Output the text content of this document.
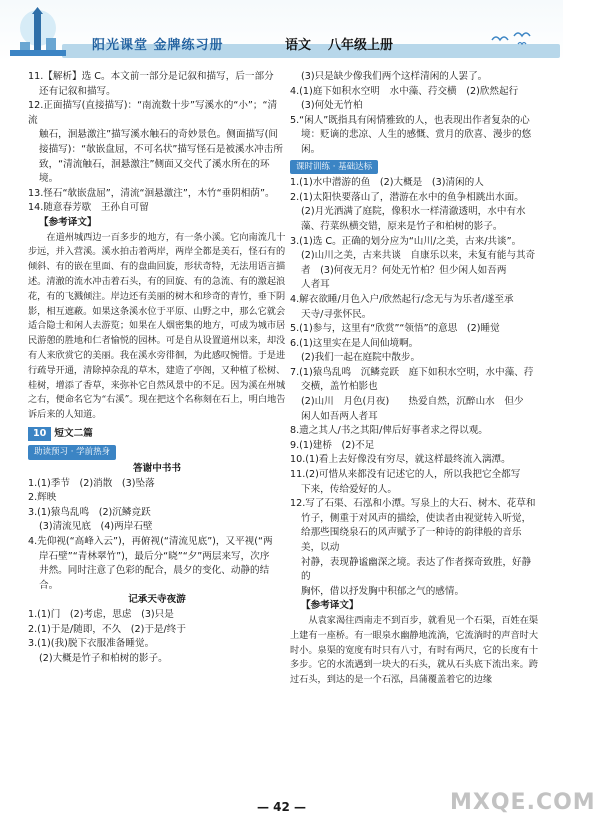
阳光课堂 金牌练习册	语文 八年级上册

11.【解析】选 C。本文前一部分是记叙和描写，后一部分

还有记叙和描写。

12.正面描写(直接描写)：“南流数十步”写溪水的“小”；“清流

触石，洄悬激注”描写溪水触石的奇妙景色。侧面描写(间

接描写)：“欹嵌盘屈，不可名状”描写怪石是被溪水冲击所

致，“清流触石，洄悬激注”侧面又交代了溪水所在的环境。

13.怪石“欹嵌盘屈”，清流“洄悬激注”，木竹“垂阴相荫”。

14.随意春芳歇　王孙自可留

【参考译文】

在道州城西边一百多步的地方，有一条小溪。它向南流几十步远，并入营溪。溪水拍击着两岸，两岸全都是美石，怪石有的倾斜、有的嵌在里面、有的盘曲回旋，形状奇特，无法用语言描述。清澈的流水冲击着石头，有的回旋、有的急流、有的激起浪花，有的飞溅倾注。岸边还有美丽的树木和珍奇的青竹，垂下阴影，相互遮蔽。如果这条溪水位于平原、山野之中，那么它就会适合隐士和闲人去游览；如果在人烟密集的地方，可成为城市居民游憩的胜地和仁者愉悦的园林。可是自从设置道州以来，却没有人来欣赏它的美丽。我在溪水旁徘徊，为此感叹惋惜。于是进行疏导开通，清除掉杂乱的草木，建造了亭阁，又种植了松树、桂树，增添了香草，来弥补它自然风景中的不足。因为溪在州城之右，便命名它为“右溪”。现在把这个名称刻在石上，明白地告诉后来的人知道。

10 短文二篇
助读预习 · 学前热身

答谢中书书

1.(1)季节　(2)消散　(3)坠落

2.辉映

3.(1)猿鸟乱鸣　(2)沉鳞竞跃

(3)清流见底　(4)两岸石壁

4.先仰视(“高峰入云”)，再俯视(“清流见底”)，又平视(“两

岸石壁”“青林翠竹”)，最后分“晓”“夕”两层来写，次序

井然。同时注意了色彩的配合，晨夕的变化、动静的结

合。

记承天寺夜游

1.(1)门　(2)考虑，思虑　(3)只是

2.(1)于是/随即，不久　(2)于是/终于

3.(1)(我)脱下衣服准备睡觉。

(2)大概是竹子和柏树的影子。

(3)只是缺少像我们两个这样清闲的人罢了。

4.(1)庭下如积水空明　水中藻、荇交横　(2)欣然起行

(3)何处无竹柏

5.“闲人”既指具有闲情雅致的人，也表现出作者复杂的心

境：贬谪的悲凉、人生的感慨、赏月的欣喜、漫步的悠闲。

课时训练 · 基础达标

1.(1)水中潜游的鱼　(2)大概是　(3)清闲的人

2.(1)太阳快要落山了，潜游在水中的鱼争相跳出水面。

(2)月光洒满了庭院，像积水一样清澈透明，水中有水

藻、荇菜纵横交错，原来是竹子和柏树的影子。

3.(1)选 C。正确的划分应为“山川/之美，古来/共谈”。

(2)山川之美，古来共谈　自康乐以来，未复有能与其奇

者　(3)何夜无月？何处无竹柏？但少闲人如吾两

人者耳

4.解衣欲睡/月色入户/欣然起行/念无与为乐者/遂至承

天寺/寻张怀民。

5.(1)参与，这里有“欣赏”“领悟”的意思　(2)睡觉

6.(1)这里实在是人间仙境啊。

(2)我们一起在庭院中散步。

7.(1)猿鸟乱鸣　沉鳞竞跃　庭下如积水空明，水中藻、荇

交横，盖竹柏影也

(2)山川　月色(月夜)　　热爱自然，沉醉山水　但少

闲人如吾两人者耳

8.遗之其人/书之其阳/俾后好事者求之得以观。

9.(1)建桥　(2)不足

10.(1)看上去好像没有穷尽，就这样最终流入漓潭。

11.(2)可惜从来都没有记述它的人，所以我把它全都写

下来，传给爱好的人。

12.写了石渠、石泓和小潭。写泉上的大石、树木、花草和

竹子，侧重于对风声的描绘，使读者由视觉转入听觉，

给那些围绕泉石的风声赋予了一种诗的韵律般的音乐美，以动

衬静，表现静谧幽深之境。表达了作者探奇致胜，好静的

胸怀，借以抒发胸中积郁之气的感情。

【参考译文】

从袁家渴往西南走不到百步，就看见一个石渠，百姓在渠上建有一座桥。有一眼泉水幽静地流淌，它流淌时的声音时大时小。泉渠的宽度有时只有八寸，有时有两尺，它的长度有十多步。它的水流遇到一块大的石头，就从石头底下流出来。跨过石头，到达的是一个石泓，昌蒲覆盖着它的边缘

— 42 —	MXQE.COM
